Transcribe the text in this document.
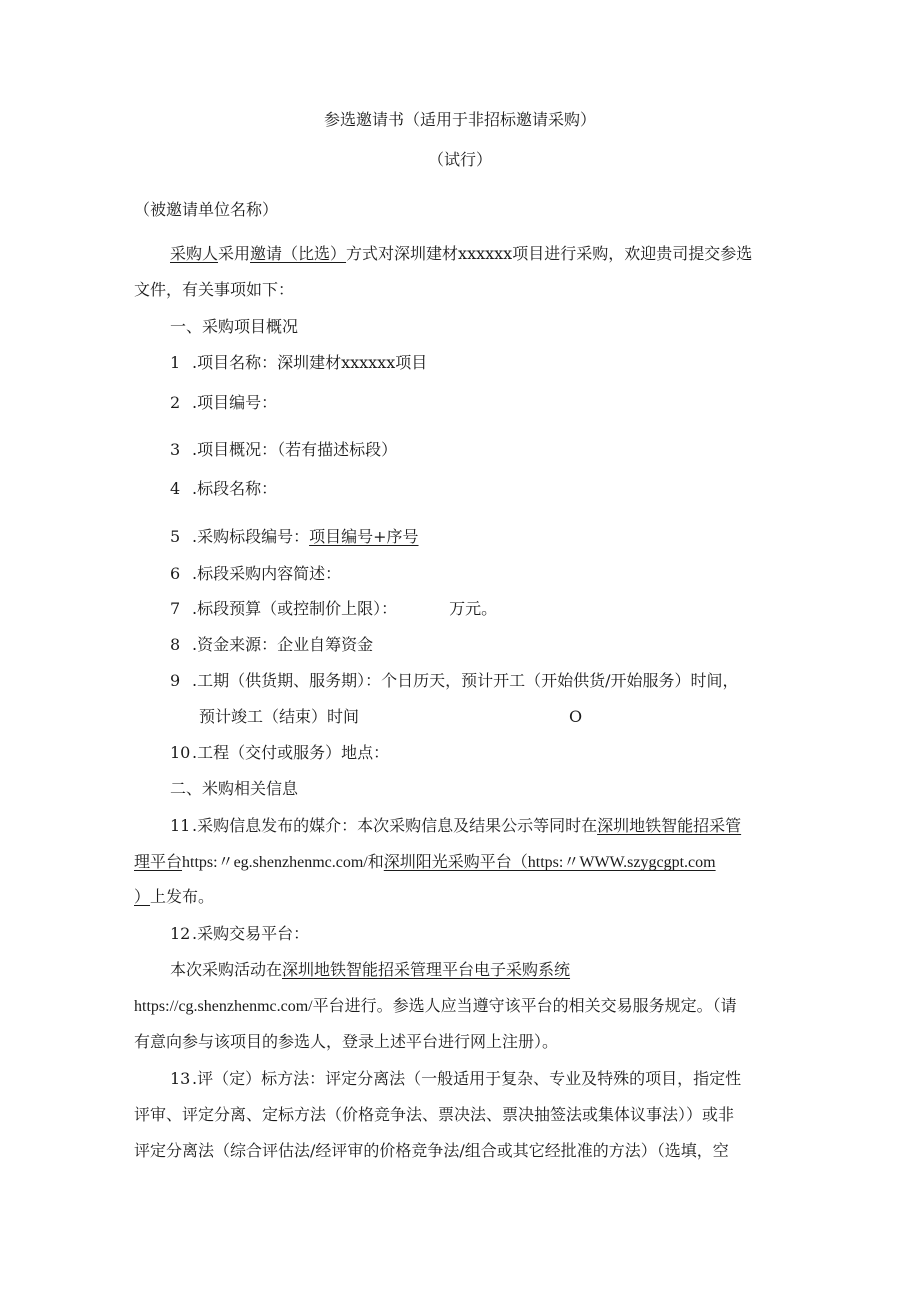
参选邀请书（适用于非招标邀请采购）
（试行）
（被邀请单位名称）
采购人采用邀请（比选）方式对深圳建材xxxxxx项目进行采购，欢迎贵司提交参选
文件，有关事项如下：
一、采购项目概况
1 .项目名称：深圳建材xxxxxx项目
2 .项目编号：
3 .项目概况：（若有描述标段）
4 .标段名称：
5 .采购标段编号：项目编号+序号
6 .标段采购内容简述：
7 .标段预算（或控制价上限）：	万元。
8 .资金来源：企业自筹资金
9 .工期（供货期、服务期）：个日历天，预计开工（开始供货/开始服务）时间，
预计竣工（结束）时间	O
10 .工程（交付或服务）地点：
二、米购相关信息
11 .采购信息发布的媒介：本次采购信息及结果公示等同时在深圳地铁智能招采管
理平台https:〃eg.shenzhenmc.com/和深圳阳光采购平台（https:〃WWW.szygcgpt.com
）上发布。
12 .采购交易平台：
本次采购活动在深圳地铁智能招采管理平台电子采购系统
https://cg.shenzhenmc.com/平台进行。参选人应当遵守该平台的相关交易服务规定。（请
有意向参与该项目的参选人，登录上述平台进行网上注册）。
13 .评（定）标方法：评定分离法（一般适用于复杂、专业及特殊的项目，指定性
评审、评定分离、定标方法（价格竞争法、票决法、票决抽签法或集体议事法））或非
评定分离法（综合评估法/经评审的价格竞争法/组合或其它经批准的方法）（选填，空
